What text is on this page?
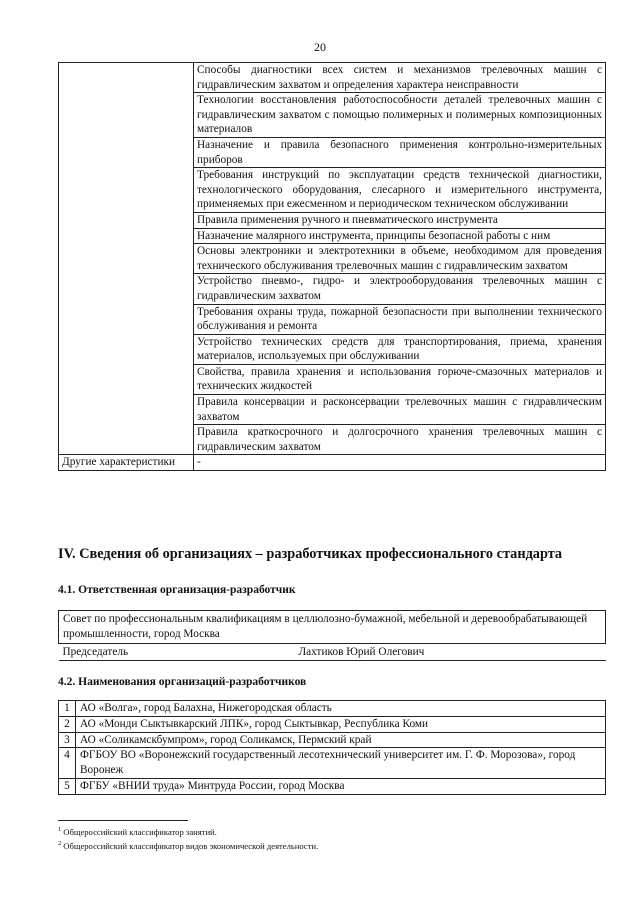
20
	Способы диагностики всех систем и механизмов трелевочных машин с гидравлическим захватом и определения характера неисправности
	Технологии восстановления работоспособности деталей трелевочных машин с гидравлическим захватом с помощью полимерных и полимерных композиционных материалов
	Назначение и правила безопасного применения контрольно-измерительных приборов
	Требования инструкций по эксплуатации средств технической диагностики, технологического оборудования, слесарного и измерительного инструмента, применяемых при ежесменном и периодическом техническом обслуживании
	Правила применения ручного и пневматического инструмента
	Назначение малярного инструмента, принципы безопасной работы с ним
	Основы электроники и электротехники в объеме, необходимом для проведения технического обслуживания трелевочных машин с гидравлическим захватом
	Устройство пневмо-, гидро- и электрооборудования трелевочных машин с гидравлическим захватом
	Требования охраны труда, пожарной безопасности при выполнении технического обслуживания и ремонта
	Устройство технических средств для транспортирования, приема, хранения материалов, используемых при обслуживании
	Свойства, правила хранения и использования горюче-смазочных материалов и технических жидкостей
	Правила консервации и расконсервации трелевочных машин с гидравлическим захватом
	Правила краткосрочного и долгосрочного хранения трелевочных машин с гидравлическим захватом
Другие характеристики	-
IV. Сведения об организациях – разработчиках профессионального стандарта
4.1. Ответственная организация-разработчик
Совет по профессиональным квалификациям в целлюлозно-бумажной, мебельной и деревообрабатывающей промышленности, город Москва
Председатель	Лахтиков Юрий Олегович
4.2. Наименования организаций-разработчиков
1	АО «Волга», город Балахна, Нижегородская область
2	АО «Монди Сыктывкарский ЛПК», город Сыктывкар, Республика Коми
3	АО «Соликамскбумпром», город Соликамск, Пермский край
4	ФГБОУ ВО «Воронежский государственный лесотехнический университет им. Г. Ф. Морозова», город Воронеж
5	ФГБУ «ВНИИ труда» Минтруда России, город Москва
$^1$ Общероссийский классификатор занятий.
$^2$ Общероссийский классификатор видов экономической деятельности.
